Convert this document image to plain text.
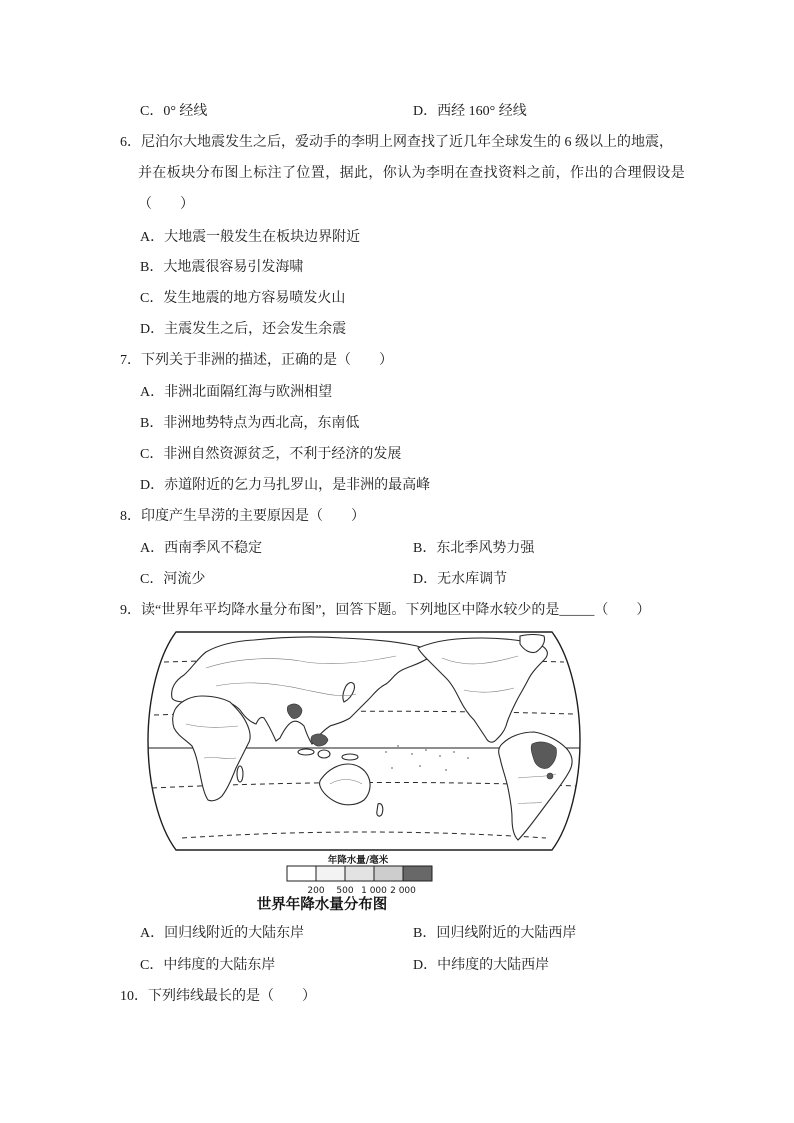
C．0° 经线	D．西经 160° 经线
6．尼泊尔大地震发生之后，爱动手的李明上网查找了近几年全球发生的 6 级以上的地震，
并在板块分布图上标注了位置，据此，你认为李明在查找资料之前，作出的合理假设是
（　　）
A．大地震一般发生在板块边界附近
B．大地震很容易引发海啸
C．发生地震的地方容易喷发火山
D．主震发生之后，还会发生余震
7．下列关于非洲的描述，正确的是（　　）
A．非洲北面隔红海与欧洲相望
B．非洲地势特点为西北高，东南低
C．非洲自然资源贫乏，不利于经济的发展
D．赤道附近的乞力马扎罗山，是非洲的最高峰
8．印度产生旱涝的主要原因是（　　）
A．西南季风不稳定	B．东北季风势力强
C．河流少	D．无水库调节
9．读“世界年平均降水量分布图”，回答下题。下列地区中降水较少的是_____（　　）
年降水量/毫米
200 500 1 000 2 000
世界年降水量分布图
A．回归线附近的大陆东岸	B．回归线附近的大陆西岸
C．中纬度的大陆东岸	D．中纬度的大陆西岸
10．下列纬线最长的是（　　）
